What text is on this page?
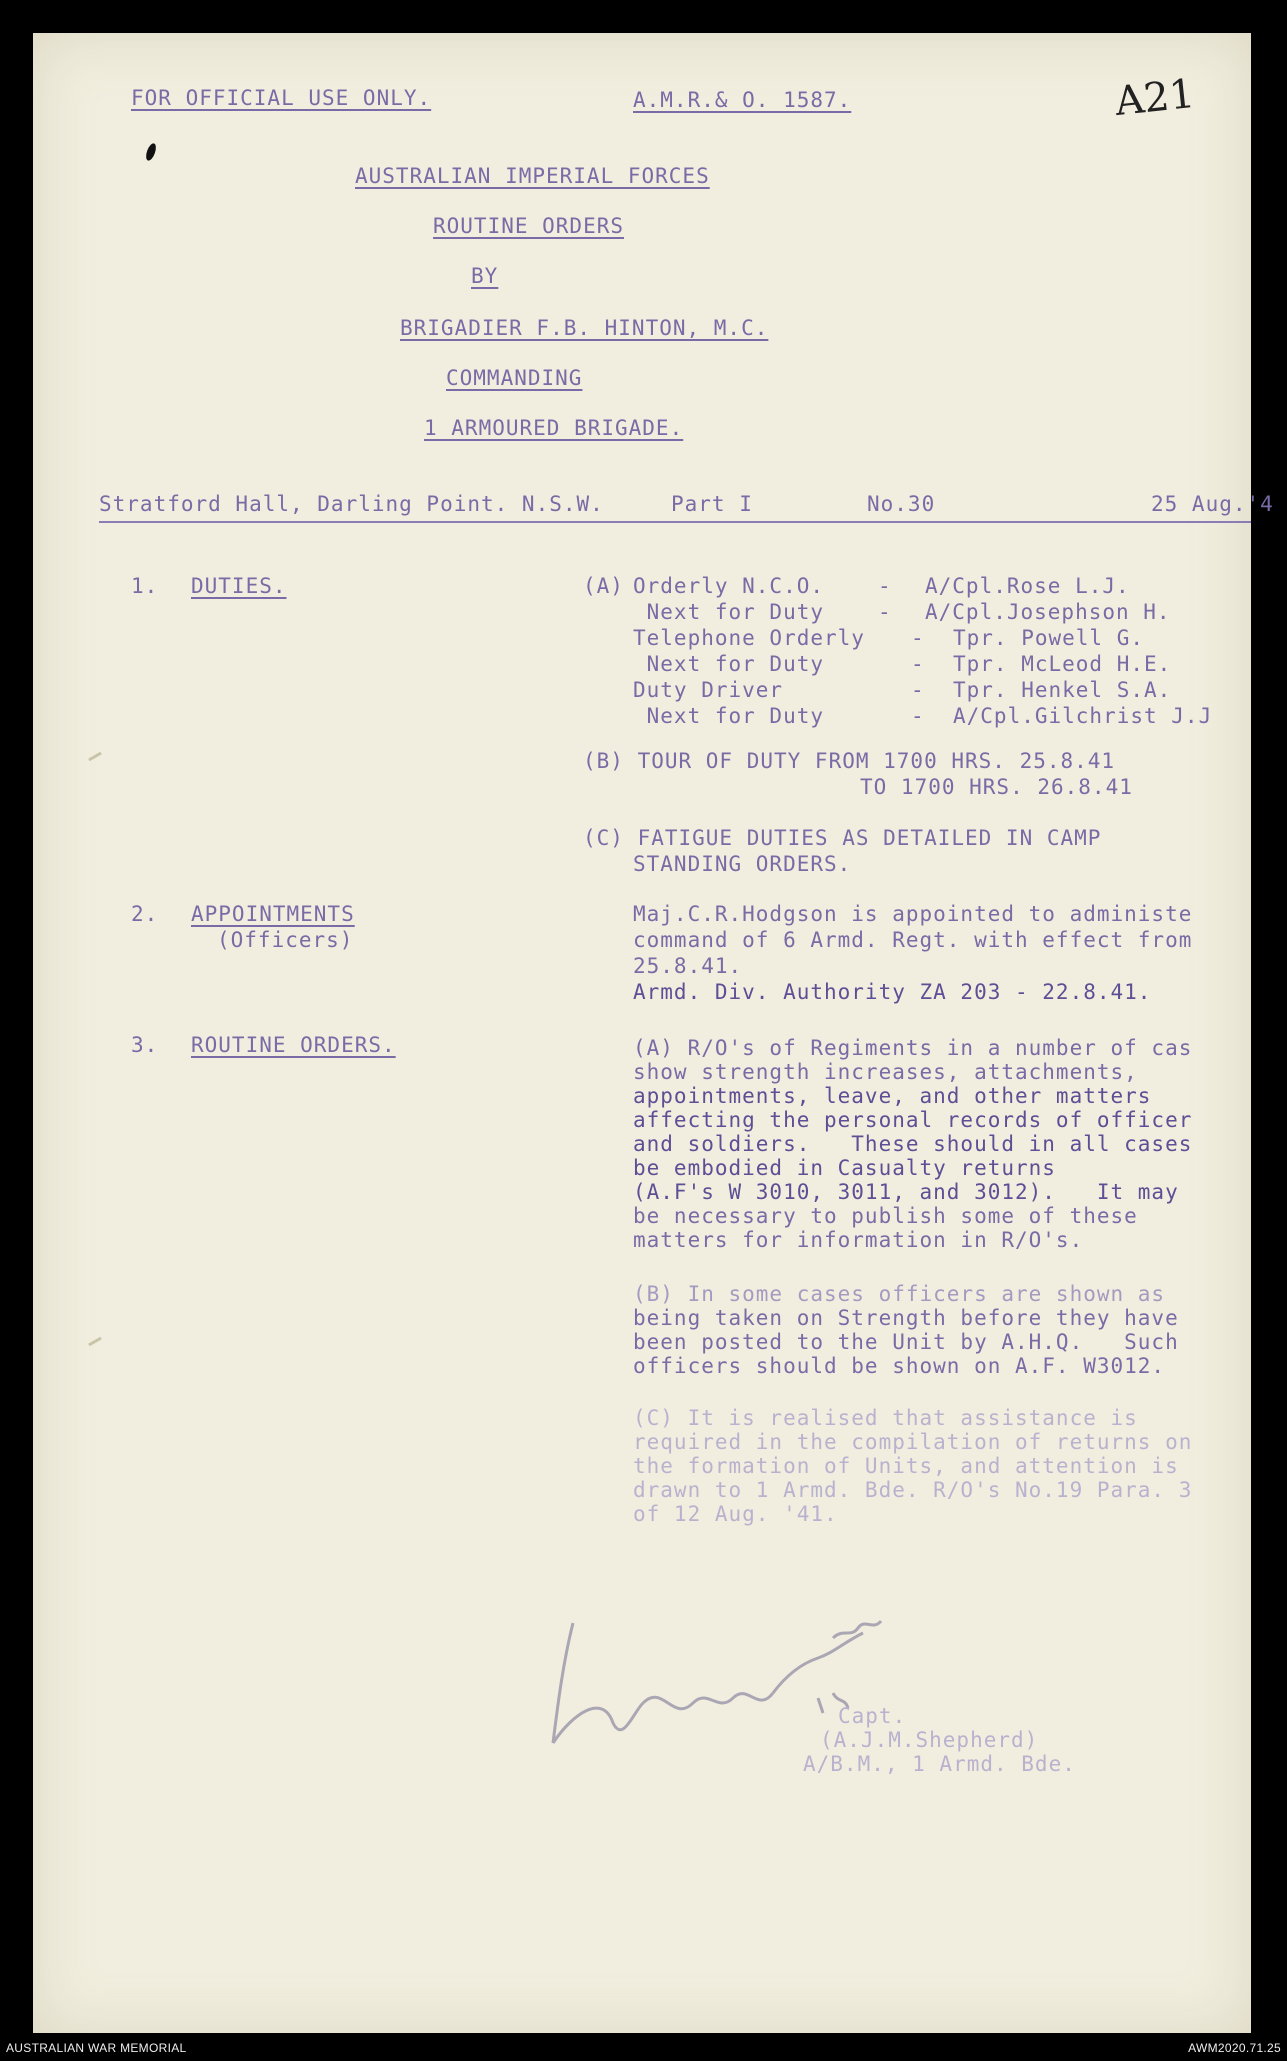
FOR OFFICIAL USE ONLY.	A.M.R.& O. 1587.	A21
AUSTRALIAN IMPERIAL FORCES
ROUTINE ORDERS
BY
BRIGADIER F.B. HINTON, M.C.
COMMANDING
1 ARMOURED BRIGADE.
Stratford Hall, Darling Point. N.S.W.	Part I	No.30	25 Aug.'4
1. DUTIES.	(A) Orderly N.C.O.	- A/Cpl.Rose L.J.
Next for Duty	- A/Cpl.Josephson H.
Telephone Orderly - Tpr. Powell G.
Next for Duty	- Tpr. McLeod H.E.
Duty Driver	- Tpr. Henkel S.A.
Next for Duty	- A/Cpl.Gilchrist J.J
(B) TOUR OF DUTY FROM 1700 HRS. 25.8.41
TO 1700 HRS. 26.8.41
(C) FATIGUE DUTIES AS DETAILED IN CAMP
STANDING ORDERS.
2. APPOINTMENTS
(Officers)
Maj.C.R.Hodgson is appointed to administe
command of 6 Armd. Regt. with effect from
25.8.41.
Armd. Div. Authority ZA 203 - 22.8.41.
3. ROUTINE ORDERS.	(A) R/O's of Regiments in a number of cas
show strength increases, attachments,
appointments, leave, and other matters
affecting the personal records of officer
and soldiers.   These should in all cases
be embodied in Casualty returns
(A.F's W 3010, 3011, and 3012).   It may
be necessary to publish some of these
matters for information in R/O's.
(B) In some cases officers are shown as
being taken on Strength before they have
been posted to the Unit by A.H.Q.   Such
officers should be shown on A.F. W3012.
(C) It is realised that assistance is
required in the compilation of returns on
the formation of Units, and attention is
drawn to 1 Armd. Bde. R/O's No.19 Para. 3
of 12 Aug. '41.
Capt.
(A.J.M.Shepherd)
A/B.M., 1 Armd. Bde.
AUSTRALIAN WAR MEMORIAL	AWM2020.71.25
